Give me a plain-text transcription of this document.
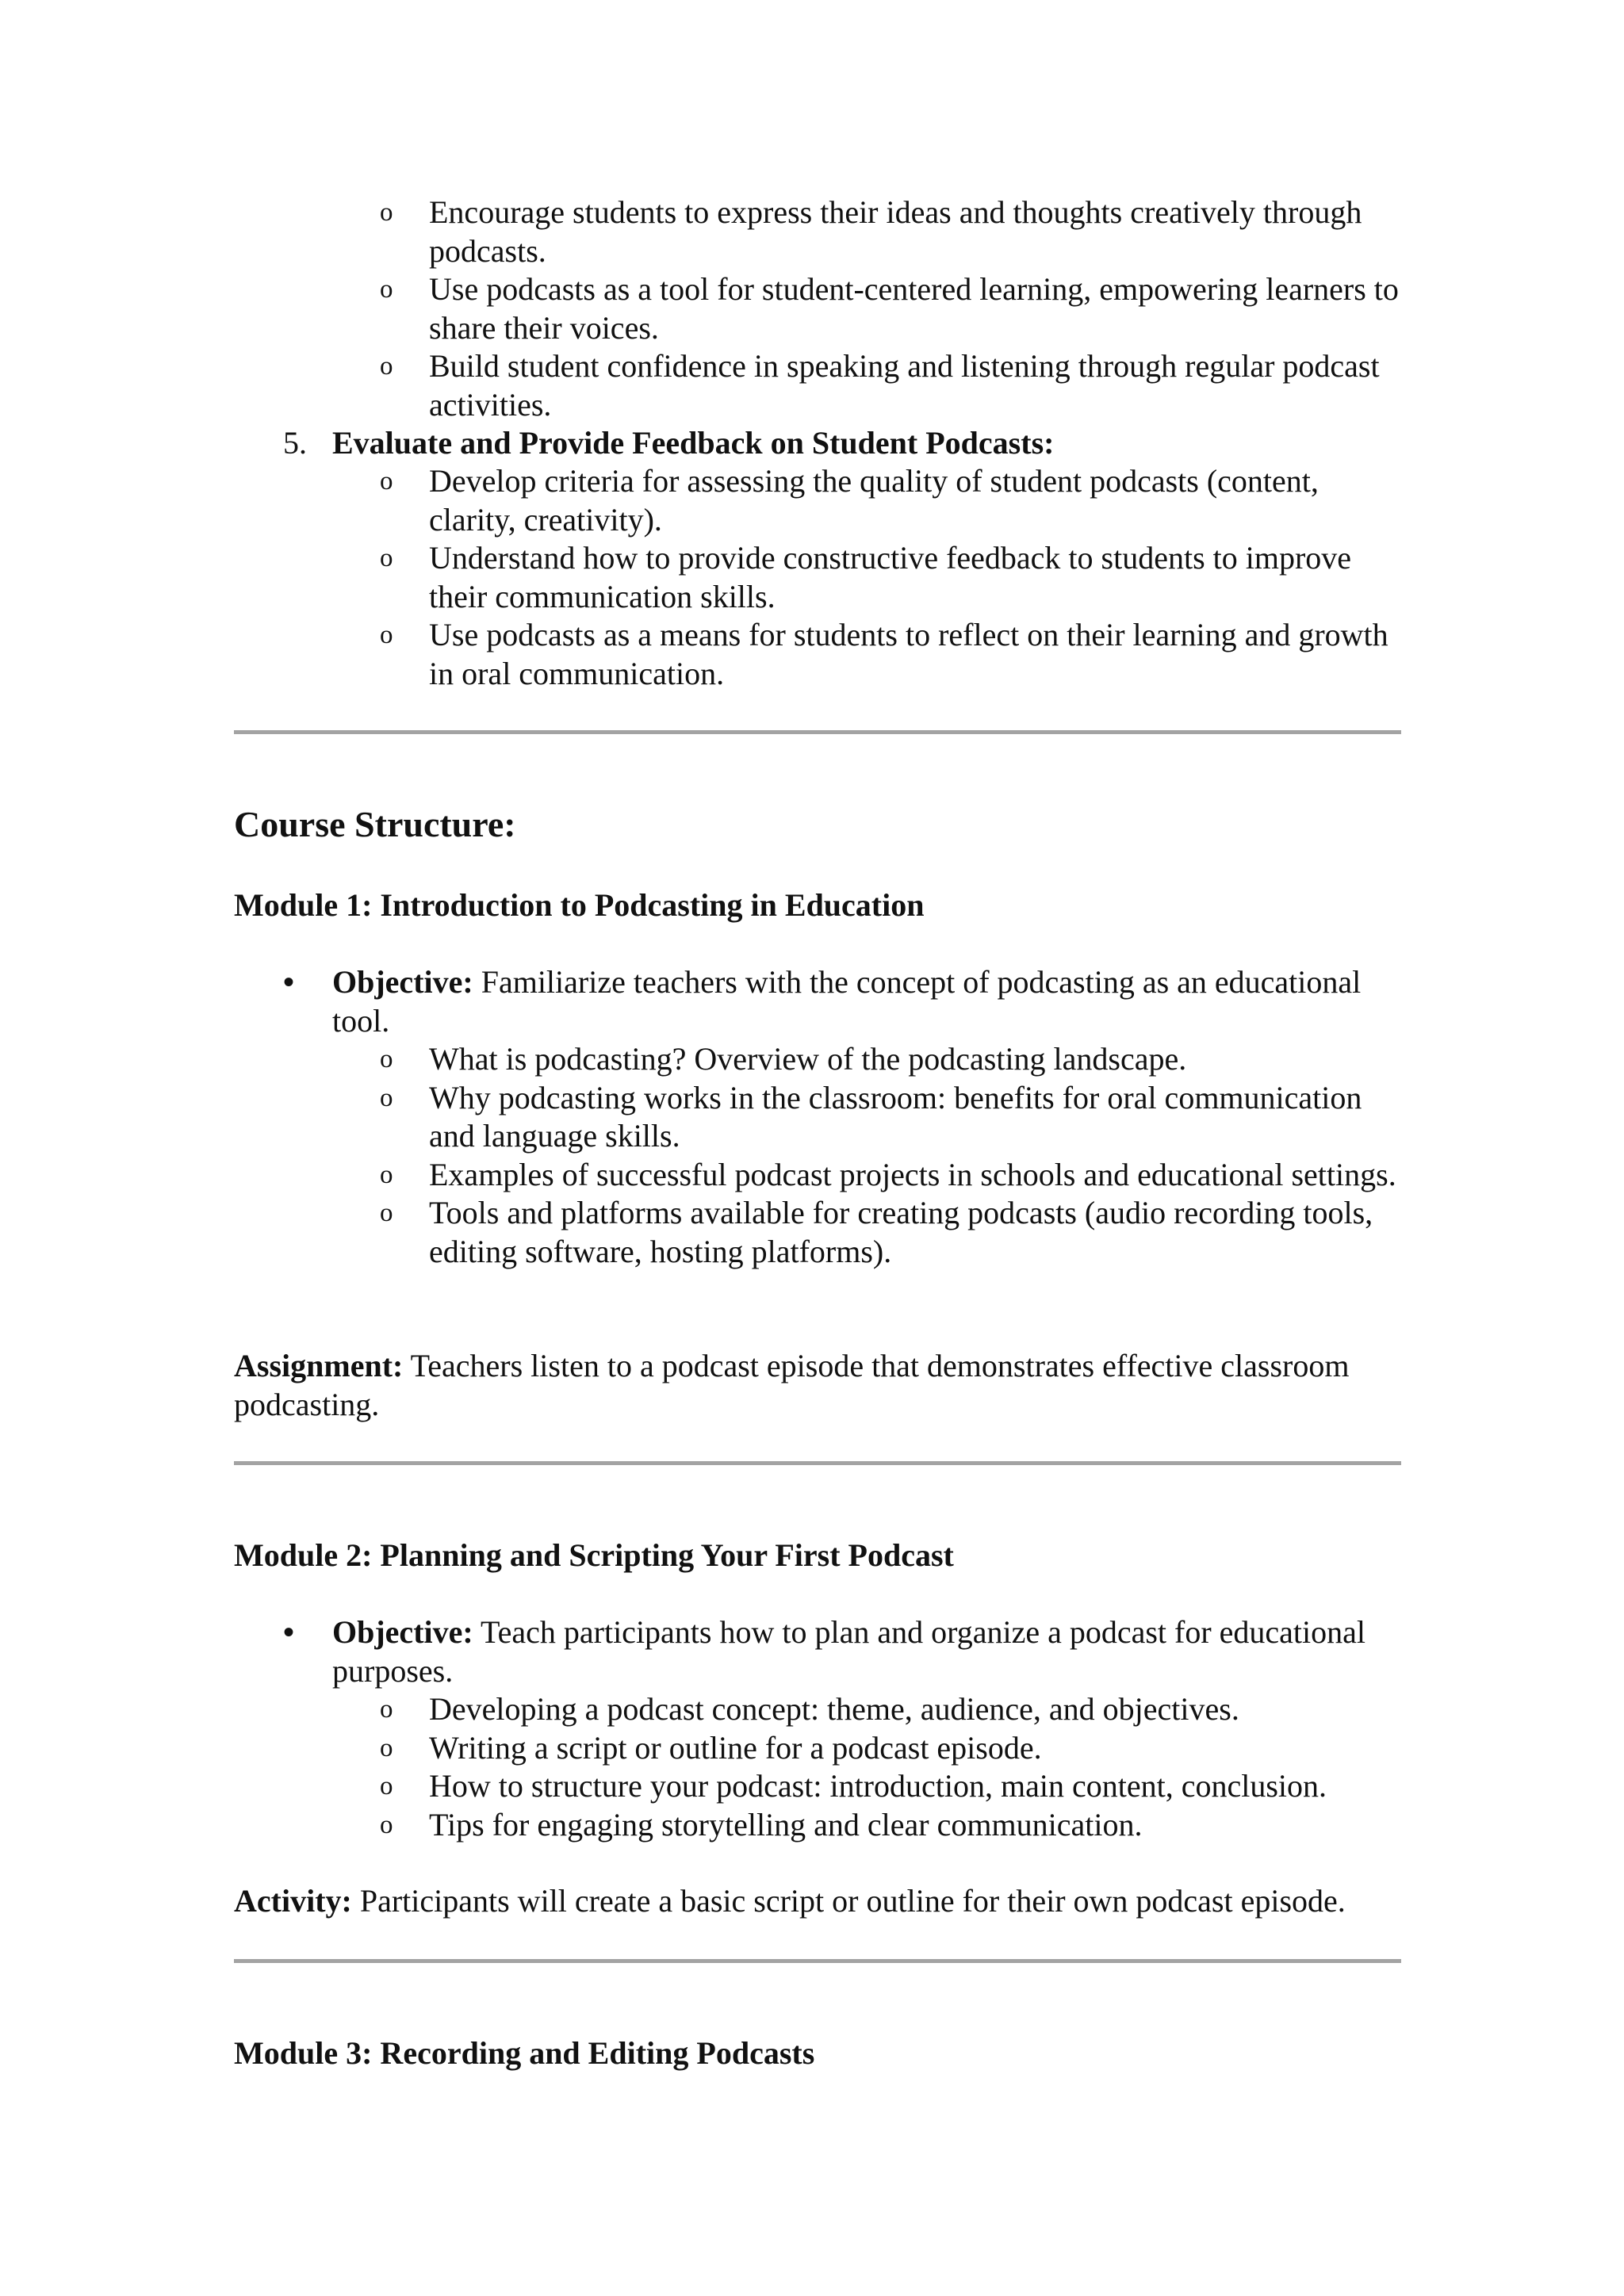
o Encourage students to express their ideas and thoughts creatively through podcasts.
o Use podcasts as a tool for student-centered learning, empowering learners to share their voices.
o Build student confidence in speaking and listening through regular podcast activities.
5. Evaluate and Provide Feedback on Student Podcasts:
o Develop criteria for assessing the quality of student podcasts (content, clarity, creativity).
o Understand how to provide constructive feedback to students to improve their communication skills.
o Use podcasts as a means for students to reflect on their learning and growth in oral communication.
Course Structure:
Module 1: Introduction to Podcasting in Education
• Objective: Familiarize teachers with the concept of podcasting as an educational tool.
o What is podcasting? Overview of the podcasting landscape.
o Why podcasting works in the classroom: benefits for oral communication and language skills.
o Examples of successful podcast projects in schools and educational settings.
o Tools and platforms available for creating podcasts (audio recording tools, editing software, hosting platforms).
Assignment: Teachers listen to a podcast episode that demonstrates effective classroom podcasting.
Module 2: Planning and Scripting Your First Podcast
• Objective: Teach participants how to plan and organize a podcast for educational purposes.
o Developing a podcast concept: theme, audience, and objectives.
o Writing a script or outline for a podcast episode.
o How to structure your podcast: introduction, main content, conclusion.
o Tips for engaging storytelling and clear communication.
Activity: Participants will create a basic script or outline for their own podcast episode.
Module 3: Recording and Editing Podcasts
